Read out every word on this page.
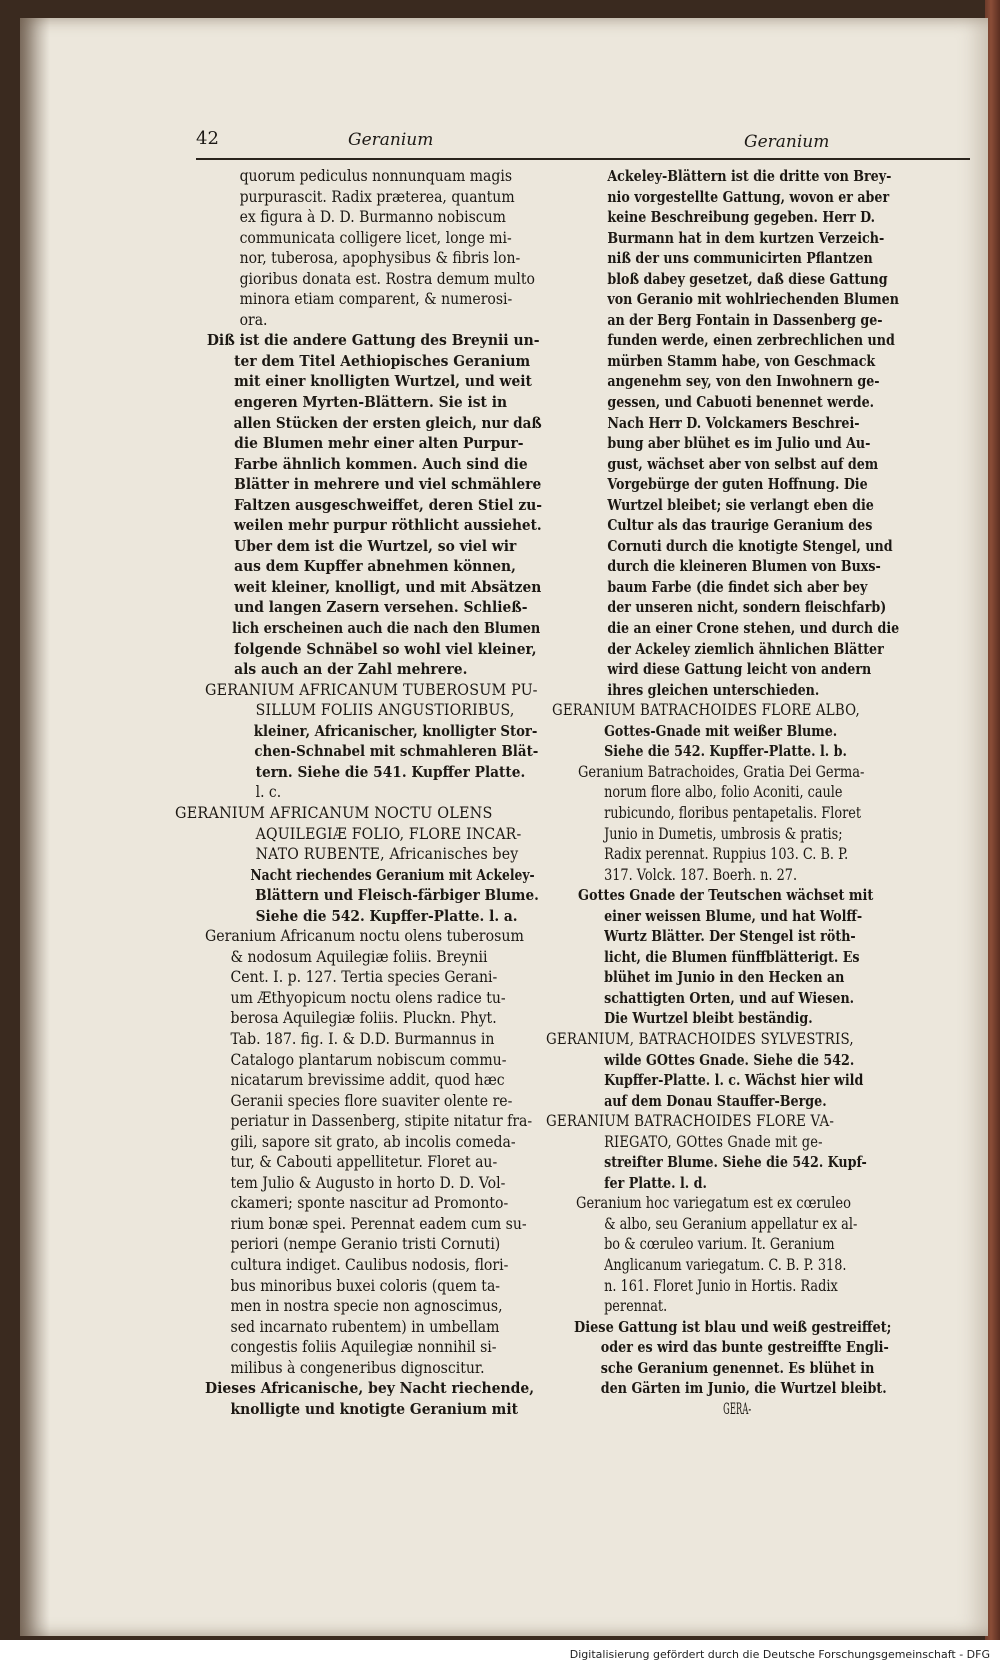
42	Geranium	Geranium
quorum pediculus nonnunquam magis
purpurascit. Radix præterea, quantum
ex figura à D. D. Burmanno nobiscum
communicata colligere licet, longe mi-
nor, tuberosa, apophysibus & fibris lon-
gioribus donata est. Rostra demum multo
minora etiam comparent, & numerosi-
ora.
Diß ist die andere Gattung des Breynii un-
ter dem Titel Aethiopisches Geranium
mit einer knolligten Wurtzel, und weit
engeren Myrten-Blättern. Sie ist in
allen Stücken der ersten gleich, nur daß
die Blumen mehr einer alten Purpur-
Farbe ähnlich kommen. Auch sind die
Blätter in mehrere und viel schmählere
Faltzen ausgeschweiffet, deren Stiel zu-
weilen mehr purpur röthlicht aussiehet.
Uber dem ist die Wurtzel, so viel wir
aus dem Kupffer abnehmen können,
weit kleiner, knolligt, und mit Absätzen
und langen Zasern versehen. Schließ-
lich erscheinen auch die nach den Blumen
folgende Schnäbel so wohl viel kleiner,
als auch an der Zahl mehrere.
GERANIUM AFRICANUM TUBEROSUM PU-
SILLUM FOLIIS ANGUSTIORIBUS,
kleiner, Africanischer, knolligter Stor-
chen-Schnabel mit schmahleren Blät-
tern. Siehe die 541. Kupffer Platte.
l. c.
GERANIUM AFRICANUM NOCTU OLENS
AQUILEGIÆ FOLIO, FLORE INCAR-
NATO RUBENTE, Africanisches bey
Nacht riechendes Geranium mit Ackeley-
Blättern und Fleisch-färbiger Blume.
Siehe die 542. Kupffer-Platte. l. a.
Geranium Africanum noctu olens tuberosum
& nodosum Aquilegiæ foliis. Breynii
Cent. I. p. 127. Tertia species Gerani-
um Æthyopicum noctu olens radice tu-
berosa Aquilegiæ foliis. Pluckn. Phyt.
Tab. 187. fig. I. & D.D. Burmannus in
Catalogo plantarum nobiscum commu-
nicatarum brevissime addit, quod hæc
Geranii species flore suaviter olente re-
periatur in Dassenberg, stipite nitatur fra-
gili, sapore sit grato, ab incolis comeda-
tur, & Cabouti appellitetur. Floret au-
tem Julio & Augusto in horto D. D. Vol-
ckameri; sponte nascitur ad Promonto-
rium bonæ spei. Perennat eadem cum su-
periori (nempe Geranio tristi Cornuti)
cultura indiget. Caulibus nodosis, flori-
bus minoribus buxei coloris (quem ta-
men in nostra specie non agnoscimus,
sed incarnato rubentem) in umbellam
congestis foliis Aquilegiæ nonnihil si-
milibus à congeneribus dignoscitur.
Dieses Africanische, bey Nacht riechende,
knolligte und knotigte Geranium mit
Ackeley-Blättern ist die dritte von Brey-
nio vorgestellte Gattung, wovon er aber
keine Beschreibung gegeben. Herr D.
Burmann hat in dem kurtzen Verzeich-
niß der uns communicirten Pflantzen
bloß dabey gesetzet, daß diese Gattung
von Geranio mit wohlriechenden Blumen
an der Berg Fontain in Dassenberg ge-
funden werde, einen zerbrechlichen und
mürben Stamm habe, von Geschmack
angenehm sey, von den Inwohnern ge-
gessen, und Cabuoti benennet werde.
Nach Herr D. Volckamers Beschrei-
bung aber blühet es im Julio und Au-
gust, wächset aber von selbst auf dem
Vorgebürge der guten Hoffnung. Die
Wurtzel bleibet; sie verlangt eben die
Cultur als das traurige Geranium des
Cornuti durch die knotigte Stengel, und
durch die kleineren Blumen von Buxs-
baum Farbe (die findet sich aber bey
der unseren nicht, sondern fleischfarb)
die an einer Crone stehen, und durch die
der Ackeley ziemlich ähnlichen Blätter
wird diese Gattung leicht von andern
ihres gleichen unterschieden.
GERANIUM BATRACHOIDES FLORE ALBO,
Gottes-Gnade mit weißer Blume.
Siehe die 542. Kupffer-Platte. l. b.
Geranium Batrachoides, Gratia Dei Germa-
norum flore albo, folio Aconiti, caule
rubicundo, floribus pentapetalis. Floret
Junio in Dumetis, umbrosis & pratis;
Radix perennat. Ruppius 103. C. B. P.
317. Volck. 187. Boerh. n. 27.
Gottes Gnade der Teutschen wächset mit
einer weissen Blume, und hat Wolff-
Wurtz Blätter. Der Stengel ist röth-
licht, die Blumen fünffblätterigt. Es
blühet im Junio in den Hecken an
schattigten Orten, und auf Wiesen.
Die Wurtzel bleibt beständig.
GERANIUM, BATRACHOIDES SYLVESTRIS,
wilde GOttes Gnade. Siehe die 542.
Kupffer-Platte. l. c. Wächst hier wild
auf dem Donau Stauffer-Berge.
GERANIUM BATRACHOIDES FLORE VA-
RIEGATO, GOttes Gnade mit ge-
streifter Blume. Siehe die 542. Kupf-
fer Platte. l. d.
Geranium hoc variegatum est ex cœruleo
& albo, seu Geranium appellatur ex al-
bo & cœruleo varium. It. Geranium
Anglicanum variegatum. C. B. P. 318.
n. 161. Floret Junio in Hortis. Radix
perennat.
Diese Gattung ist blau und weiß gestreiffet;
oder es wird das bunte gestreiffte Engli-
sche Geranium genennet. Es blühet in
den Gärten im Junio, die Wurtzel bleibt.
GERA-
Digitalisierung gefördert durch die Deutsche Forschungsgemeinschaft - DFG
